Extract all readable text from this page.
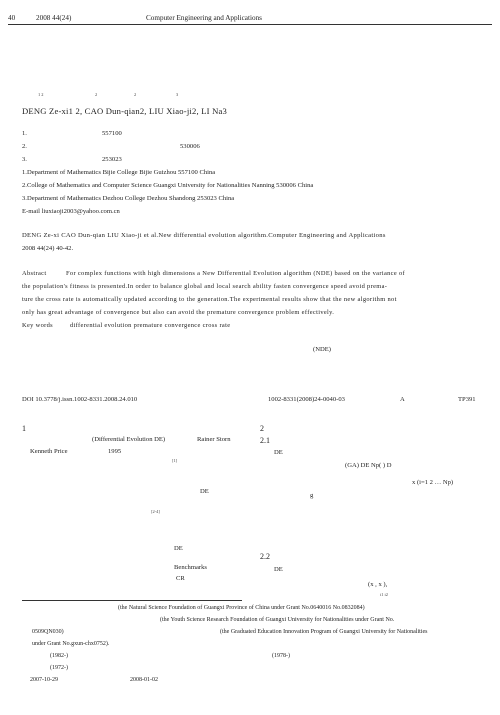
40	2008 44(24)	Computer Engineering and Applications
1 2	2	2	3
DENG Ze-xi1 2, CAO Dun-qian2, LIU Xiao-ji2, LI Na3
1.	557100
2.	530006
3.	253023
1.Department of Mathematics Bijie College Bijie Guizhou 557100 China
2.College of Mathematics and Computer Science Guangxi University for Nationalities Nanning 530006 China
3.Department of Mathematics Dezhou College Dezhou Shandong 253023 China
E-mail liuxiaoji2003@yahoo.com.cn
DENG Ze-xi CAO Dun-qian LIU Xiao-ji et al.New differential evolution algorithm.Computer Engineering and Applications
2008 44(24) 40-42.
Abstract	For complex functions with high dimensions a New Differential Evolution algorithm (NDE) based on the variance of
the population's fitness is presented.In order to balance global and local search ability fasten convergence speed avoid prema-
ture the cross rate is automatically updated according to the generation.The experimental results show that the new algorithm not
only has great advantage of convergence but also can avoid the premature convergence problem effectively.
Key words	differential evolution premature convergence cross rate
(NDE)
DOI 10.3778/j.issn.1002-8331.2008.24.010	1002-8331(2008)24-0040-03	A	TP391
1
(Differential Evolution DE)	Rainer Storn
Kenneth Price	1995
[1]
DE
[2-4]
DE
Benchmarks
CR
2
2.1
DE
(GA) DE Np( ) D
x (i=1 2 … Np)
g
2.2
DE
(x , x ),
i1 i2
(the Natural Science Foundation of Guangxi Province of China under Grant No.0640016 No.0832084)
(the Youth Science Research Foundation of Guangxi University for Nationalities under Grant No.
0509QN030)	(the Graduated Education Innovation Program of Guangxi University for Nationalities
under Grant No.gxun-chx0752).
(1982-)	(1978-)
(1972-)
2007-10-29	2008-01-02
